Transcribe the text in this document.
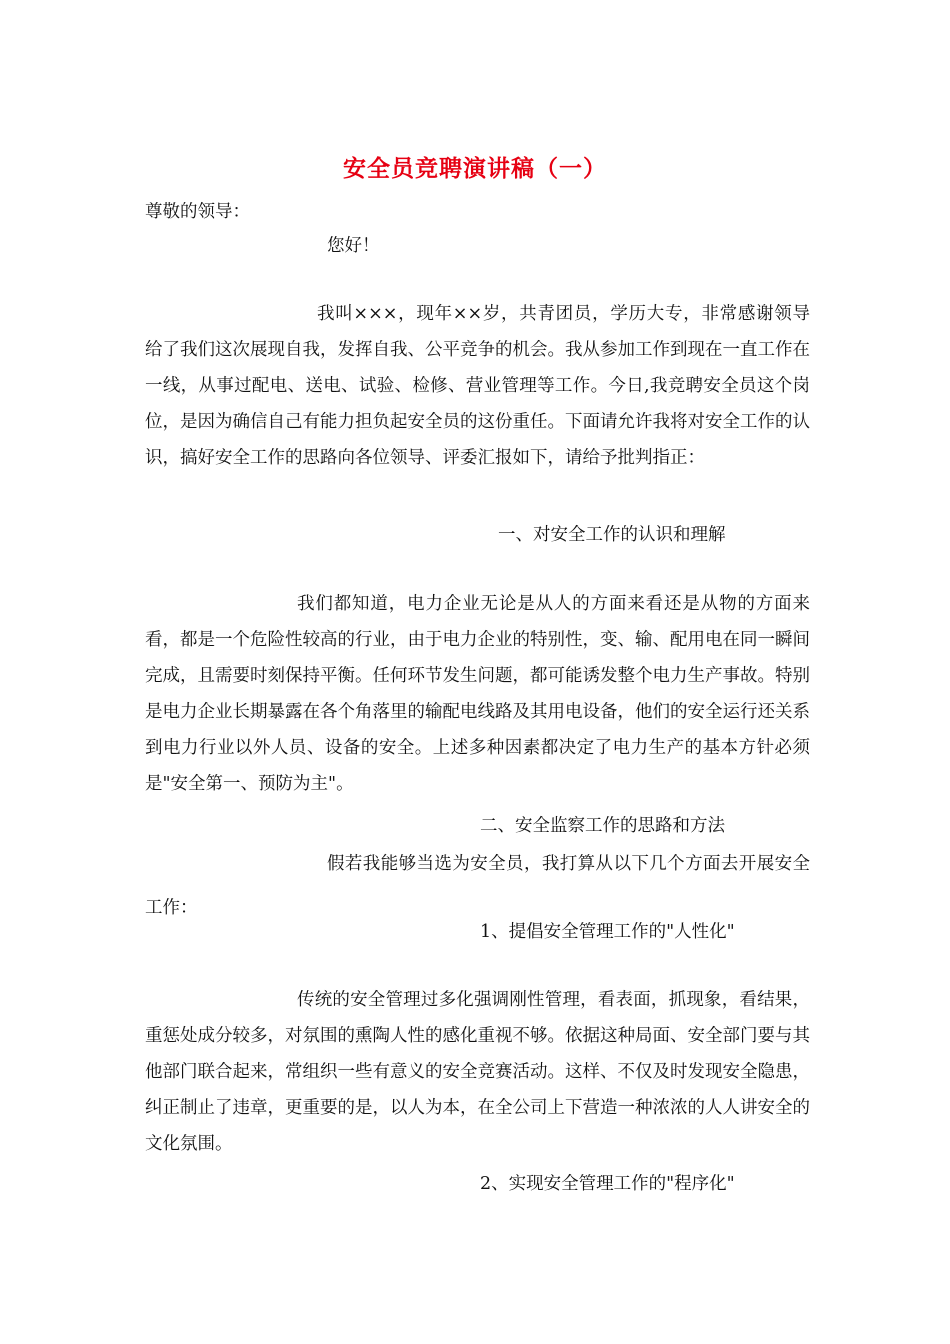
安全员竞聘演讲稿（一）
尊敬的领导：
您好！
我叫×××，现年××岁，共青团员，学历大专，非常感谢领导给了我们这次展现自我，发挥自我、公平竞争的机会。我从参加工作到现在一直工作在一线，从事过配电、送电、试验、检修、营业管理等工作。今日,我竞聘安全员这个岗位，是因为确信自己有能力担负起安全员的这份重任。下面请允许我将对安全工作的认识，搞好安全工作的思路向各位领导、评委汇报如下，请给予批判指正：
一、对安全工作的认识和理解
我们都知道，电力企业无论是从人的方面来看还是从物的方面来看，都是一个危险性较高的行业，由于电力企业的特别性，变、输、配用电在同一瞬间完成，且需要时刻保持平衡。任何环节发生问题，都可能诱发整个电力生产事故。特别是电力企业长期暴露在各个角落里的输配电线路及其用电设备，他们的安全运行还关系到电力行业以外人员、设备的安全。上述多种因素都决定了电力生产的基本方针必须是"安全第一、预防为主"。
二、安全监察工作的思路和方法
假若我能够当选为安全员，我打算从以下几个方面去开展安全工作：
1、提倡安全管理工作的"人性化"
传统的安全管理过多化强调刚性管理，看表面，抓现象，看结果，重惩处成分较多，对氛围的熏陶人性的感化重视不够。依据这种局面、安全部门要与其他部门联合起来，常组织一些有意义的安全竞赛活动。这样、不仅及时发现安全隐患，纠正制止了违章，更重要的是，以人为本，在全公司上下营造一种浓浓的人人讲安全的文化氛围。
2、实现安全管理工作的"程序化"
